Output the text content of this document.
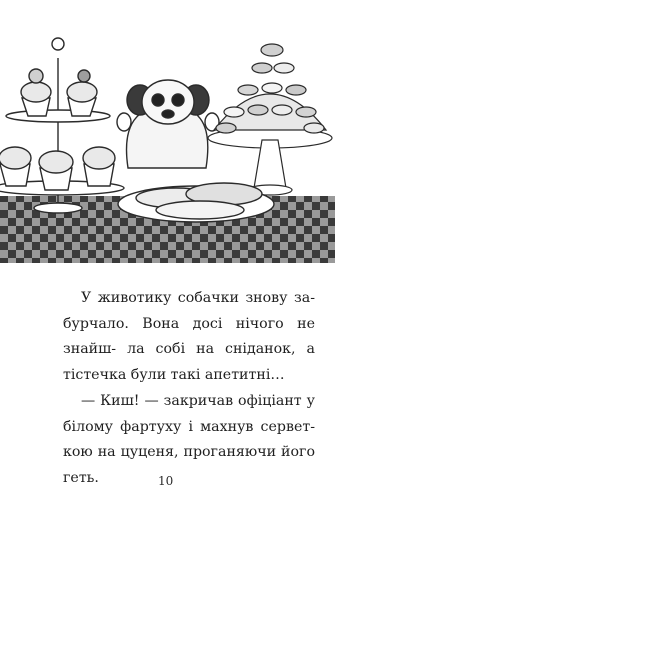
У животику собачки знову за- бурчало. Вона досі нічого не знайш- ла собі на сніданок, а тістечка були такі апетитні…

— Киш! — закричав офіціант у білому фартуху і махнув сервет- кою на цуценя, проганяючи його геть.	10
